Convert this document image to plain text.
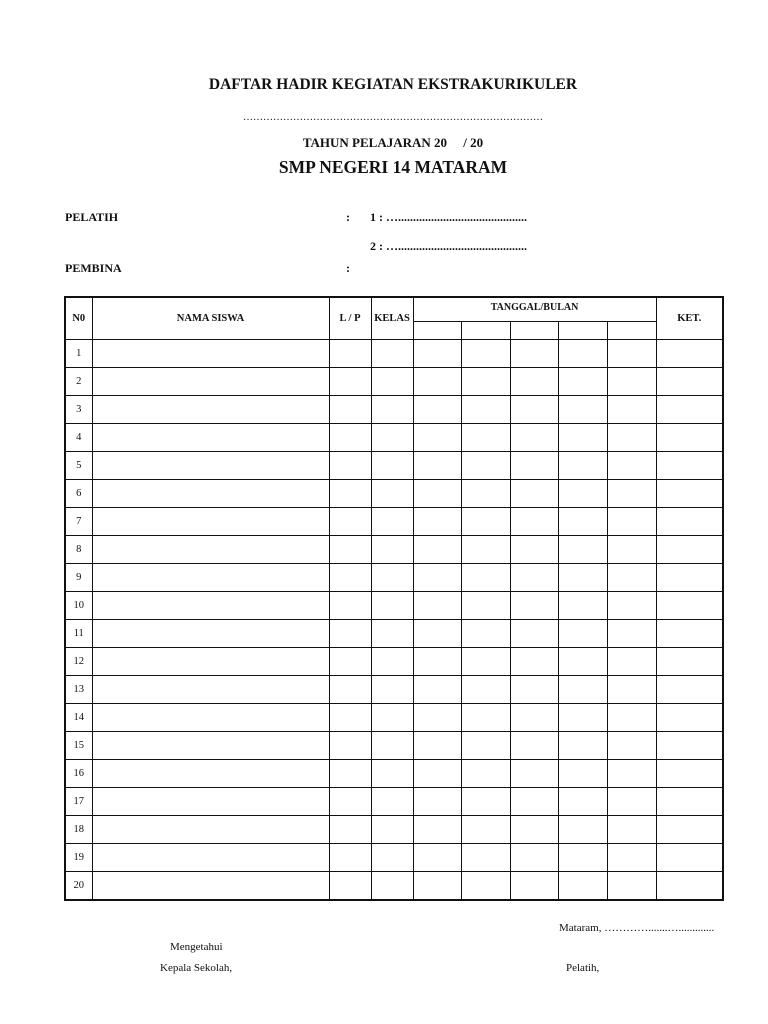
DAFTAR HADIR KEGIATAN EKSTRAKURIKULER
………………………………………………………………………………
TAHUN PELAJARAN 20     / 20
SMP NEGERI 14 MATARAM
PELATIH	: 1 : …...........................................
2 : …...........................................
PEMBINA	:
N0	NAMA SISWA	L / P	KELAS	TANGGAL/BULAN					KET.

1									
2									
3									
4									
5									
6									
7									
8									
9									
10									
11									
12									
13									
14									
15									
16									
17									
18									
19									
20									
Mataram, ………….......….............
Mengetahui
Kepala Sekolah,	Pelatih,
